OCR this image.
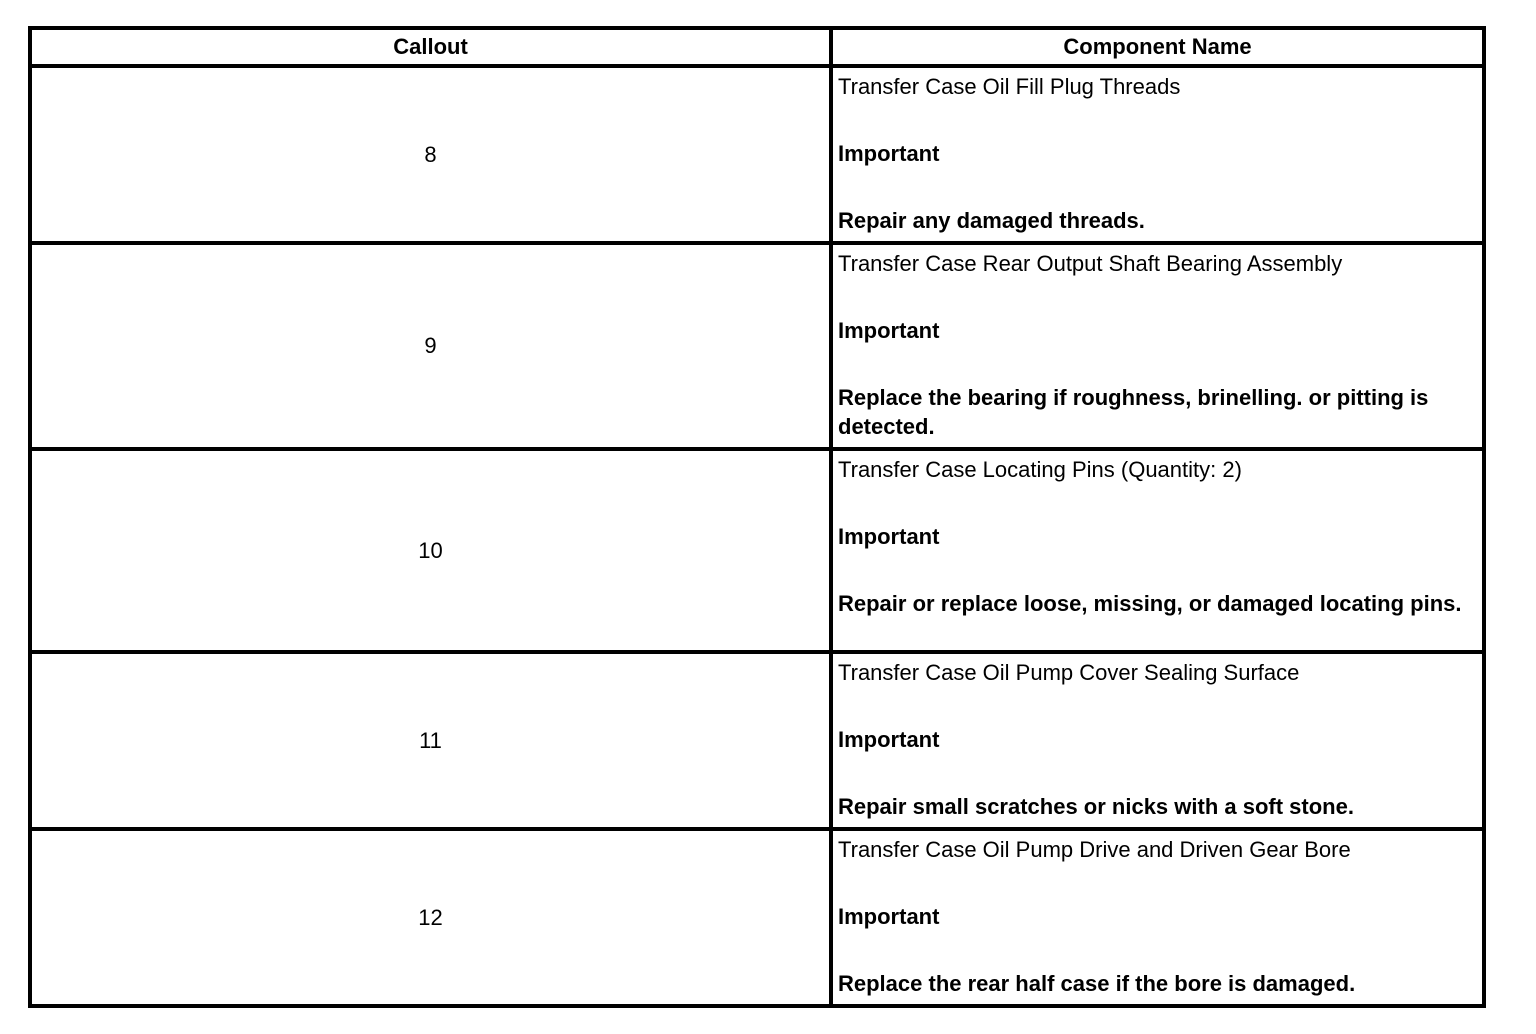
Callout	Component Name
8	Transfer Case Oil Fill Plug Threads
Important
Repair any damaged threads.

9	Transfer Case Rear Output Shaft Bearing Assembly
Important
Replace the bearing if roughness, brinelling. or pitting is detected.

10	Transfer Case Locating Pins (Quantity: 2)
Important
Repair or replace loose, missing, or damaged locating pins.

11	Transfer Case Oil Pump Cover Sealing Surface
Important
Repair small scratches or nicks with a soft stone.

12	Transfer Case Oil Pump Drive and Driven Gear Bore
Important
Replace the rear half case if the bore is damaged.
